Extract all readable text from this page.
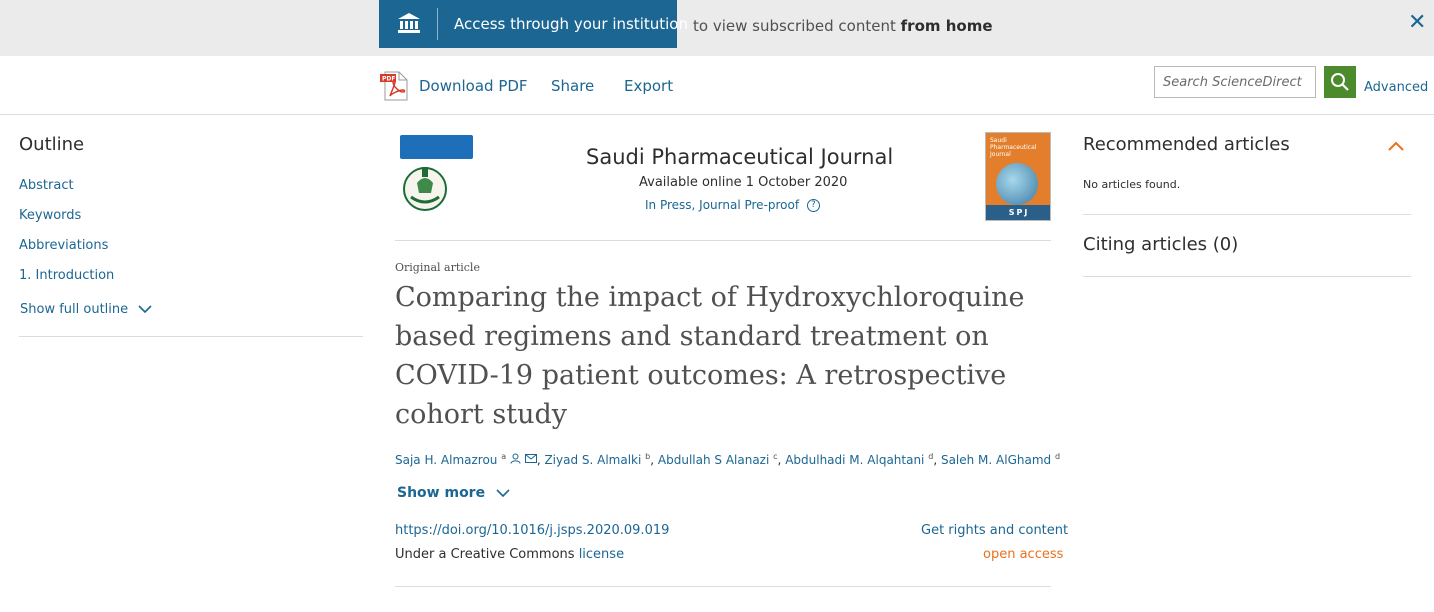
Access through your institution to view subscribed content from home	✕
PDF Download PDF Share Export
Search ScienceDirect	Advanced
Outline
Abstract
Keywords
Abbreviations
1. Introduction
Show full outline
Saudi Pharmaceutical Journal
Available online 1 October 2020
In Press, Journal Pre-proof ?
Saudi Pharmaceutical Journal
SPJ
Original article
Comparing the impact of Hydroxychloroquine based regimens and standard treatment on COVID-19 patient outcomes: A retrospective cohort study
Saja H. Almazrou $^a$	, Ziyad S. Almalki $^b$, Abdullah S Alanazi $^c$, Abdulhadi M. Alqahtani $^d$, Saleh M. AlGhamd $^d$
Show more
https://doi.org/10.1016/j.jsps.2020.09.019
Under a Creative Commons license
Get rights and content
open access
Recommended articles
No articles found.
Citing articles (0)
